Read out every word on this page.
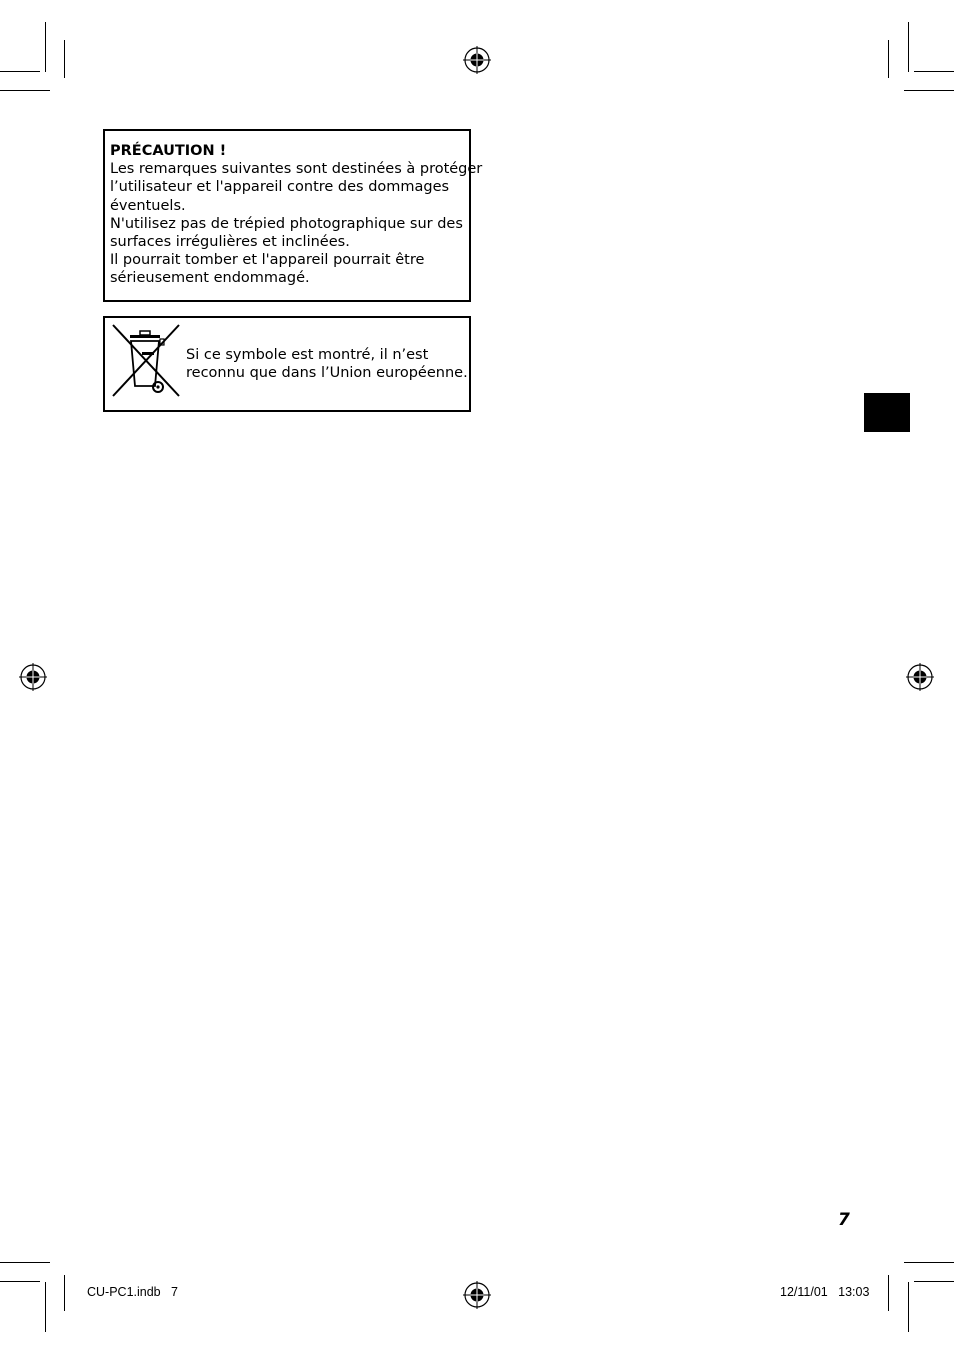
PRÉCAUTION !
Les remarques suivantes sont destinées à protéger
l’utilisateur et l'appareil contre des dommages
éventuels.
N'utilisez pas de trépied photographique sur des
surfaces irrégulières et inclinées.
Il pourrait tomber et l'appareil pourrait être
sérieusement endommagé.
Si ce symbole est montré, il n’est
reconnu que dans l’Union européenne.
7
CU-PC1.indb   7	12/11/01   13:03
